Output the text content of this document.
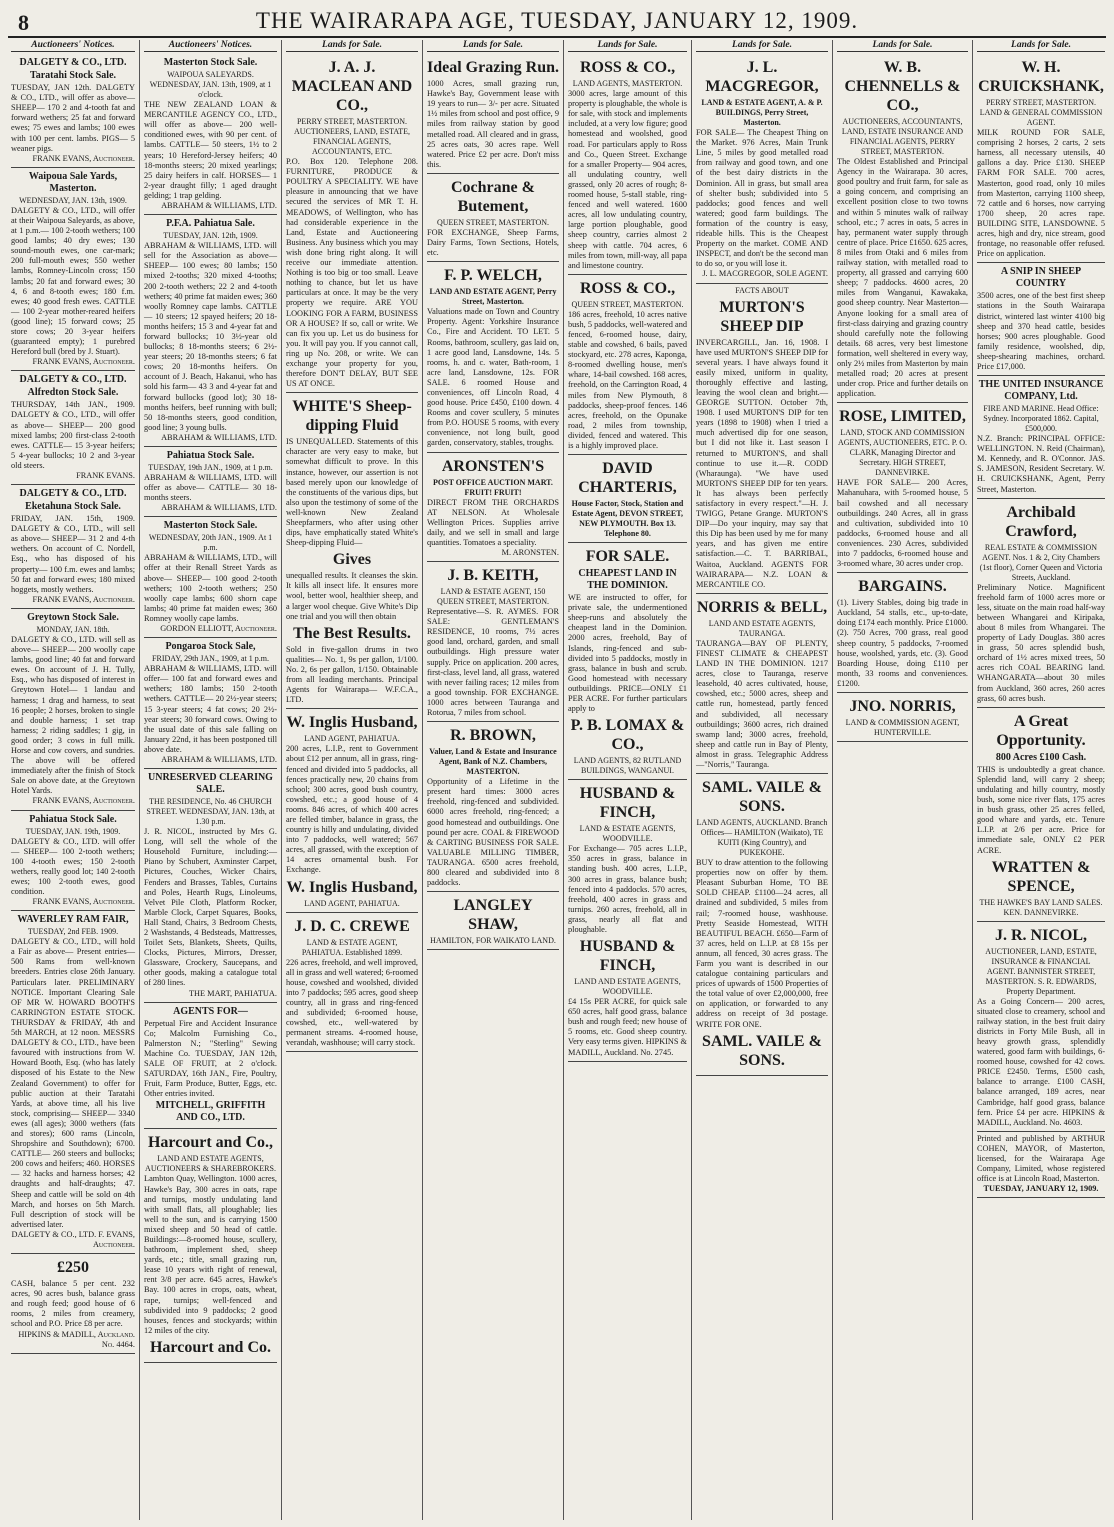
8	THE WAIRARAPA AGE, TUESDAY, JANUARY 12, 1909.
Auctioneers' Notices.
DALGETY & CO., LTD.
Taratahi Stock Sale.

TUESDAY, JAN 12th. DALGETY & CO., LTD., will offer as above— SHEEP— 170 2 and 4-tooth fat and forward wethers; 25 fat and forward ewes; 75 ewes and lambs; 100 ewes with 100 per cent. lambs. PIGS— 5 weaner pigs.

FRANK EVANS, Auctioneer.
Waipoua Sale Yards, Masterton.
WEDNESDAY, JAN. 13th, 1909.

DALGETY & CO., LTD., will offer at their Waipoua Saleyards, as above, at 1 p.m.— 100 2-tooth wethers; 100 good lambs; 40 dry ewes; 130 sound-mouth ewes, one car-mark; 200 full-mouth ewes; 550 wether lambs, Romney-Lincoln cross; 150 lambs; 20 fat and forward ewes; 30 4, 6 and 8-tooth ewes; 180 f.m. ewes; 40 good fresh ewes. CATTLE— 100 2-year mother-reared heifers (good line); 15 forward cows; 25 store cows; 20 3-year heifers (guaranteed empty); 1 purebred Hereford bull (bred by J. Stuart).

FRANK EVANS, Auctioneer.
DALGETY & CO., LTD.
Alfredton Stock Sale.

THURSDAY, 14th JAN., 1909. DALGETY & CO., LTD., will offer as above— SHEEP— 200 good mixed lambs; 200 first-class 2-tooth ewes. CATTLE— 15 3-year heifers; 5 4-year bullocks; 10 2 and 3-year old steers.

FRANK EVANS.
DALGETY & CO., LTD.
Eketahuna Stock Sale.

FRIDAY, JAN. 15th, 1909. DALGETY & CO., LTD., will sell as above— SHEEP— 31 2 and 4-th wethers. On account of C. Nordell, Esq., who has disposed of his property— 100 f.m. ewes and lambs; 50 fat and forward ewes; 180 mixed hoggets, mostly wethers.

FRANK EVANS, Auctioneer.
Greytown Stock Sale.
MONDAY, JAN. 18th.

DALGETY & CO., LTD. will sell as above— SHEEP— 200 woolly cape lambs, good line; 40 fat and forward ewes. On account of J. H. Tully, Esq., who has disposed of interest in Greytown Hotel— 1 landau and harness; 1 drag and harness, to seat 16 people; 2 horses, broken to single and double harness; 1 set trap harness; 2 riding saddles; 1 gig, in good order; 3 cows in full milk. Horse and cow covers, and sundries. The above will be offered immediately after the finish of Stock Sale on above date, at the Greytown Hotel Yards.

FRANK EVANS, Auctioneer.
Pahiatua Stock Sale.
TUESDAY, JAN. 19th, 1909.

DALGETY & CO., LTD. will offer— SHEEP— 100 2-tooth wethers; 100 4-tooth ewes; 150 2-tooth wethers, really good lot; 140 2-tooth ewes; 100 2-tooth ewes, good condition.

FRANK EVANS, Auctioneer.
WAVERLEY RAM FAIR,
TUESDAY, 2nd FEB. 1909.

DALGETY & CO., LTD., will hold a Fair as above— Present entries— 500 Rams from well-known breeders. Entries close 26th January. Particulars later. PRELIMINARY NOTICE. Important Clearing Sale OF MR W. HOWARD BOOTH'S CARRINGTON ESTATE STOCK. THURSDAY & FRIDAY, 4th and 5th MARCH, at 12 noon. MESSRS DALGETY & CO., LTD., have been favoured with instructions from W. Howard Booth, Esq. (who has lately disposed of his Estate to the New Zealand Government) to offer for public auction at their Taratahi Yards, at above time, all his live stock, comprising— SHEEP— 3340 ewes (all ages); 3000 wethers (fats and stores); 600 rams (Lincoln, Shropshire and Southdown); 6700. CATTLE— 260 steers and bullocks; 200 cows and heifers; 460. HORSES— 32 hacks and harness horses; 42 draughts and half-draughts; 47. Sheep and cattle will be sold on 4th March, and horses on 5th March. Full description of stock will be advertised later.

DALGETY & CO., LTD. F. EVANS, Auctioneer.
£250

CASH, balance 5 per cent. 232 acres, 90 acres bush, balance grass and rough feed; good house of 6 rooms, 2 miles from creamery, school and P.O. Price £8 per acre.

HIPKINS & MADILL, Auckland. No. 4464.
Auctioneers' Notices.
Masterton Stock Sale.
WAIPOUA SALEYARDS. WEDNESDAY, JAN. 13th, 1909, at 1 o'clock.

THE NEW ZEALAND LOAN & MERCANTILE AGENCY CO., LTD., will offer as above— 200 well-conditioned ewes, with 90 per cent. of lambs. CATTLE— 50 steers, 1½ to 2 years; 10 Hereford-Jersey heifers; 40 18-months steers; 20 mixed yearlings; 25 dairy heifers in calf. HORSES— 1 2-year draught filly; 1 aged draught gelding; 1 trap gelding.

ABRAHAM & WILLIAMS, LTD.
P.F.A. Pahiatua Sale.
TUESDAY, JAN. 12th, 1909.

ABRAHAM & WILLIAMS, LTD. will sell for the Association as above— SHEEP— 100 ewes; 80 lambs; 150 mixed 2-tooths; 320 mixed 4-tooths; 200 2-tooth wethers; 22 2 and 4-tooth wethers; 40 prime fat maiden ewes; 360 woolly Romney cape lambs. CATTLE— 10 steers; 12 spayed heifers; 20 18-months heifers; 15 3 and 4-year fat and forward bullocks; 10 3½-year old bullocks; 8 18-months steers; 6 2½-year steers; 20 18-months steers; 6 fat cows; 20 18-months heifers. On account of J. Beach, Hakanui, who has sold his farm— 43 3 and 4-year fat and forward bullocks (good lot); 30 18-months heifers, beef running with bull; 50 18-months steers, good condition, good line; 3 young bulls.

ABRAHAM & WILLIAMS, LTD.
Pahiatua Stock Sale.
TUESDAY, 19th JAN., 1909, at 1 p.m.

ABRAHAM & WILLIAMS, LTD. will offer as above— CATTLE— 30 18-months steers.

ABRAHAM & WILLIAMS, LTD.
Masterton Stock Sale.
WEDNESDAY, 20th JAN., 1909. At 1 p.m.

ABRAHAM & WILLIAMS, LTD., will offer at their Renall Street Yards as above— SHEEP— 100 good 2-tooth wethers; 100 2-tooth wethers; 250 woolly cape lambs; 600 shorn cape lambs; 40 prime fat maiden ewes; 360 Romney woolly cape lambs.

GORDON ELLIOTT, Auctioneer.
Pongaroa Stock Sale,
FRIDAY, 29th JAN., 1909, at 1 p.m.

ABRAHAM & WILLIAMS, LTD. will offer— 100 fat and forward ewes and wethers; 180 lambs; 150 2-tooth wethers. CATTLE— 20 2½-year steers; 15 3-year steers; 4 fat cows; 20 2½-year steers; 30 forward cows. Owing to the usual date of this sale falling on January 22nd, it has been postponed till above date.

ABRAHAM & WILLIAMS, LTD.
UNRESERVED CLEARING SALE.
THE RESIDENCE, No. 46 CHURCH STREET. WEDNESDAY, JAN. 13th, at 1.30 p.m.

J. R. NICOL, instructed by Mrs G. Long, will sell the whole of the Household Furniture, including:— Piano by Schubert, Axminster Carpet, Pictures, Couches, Wicker Chairs, Fenders and Brasses, Tables, Curtains and Poles, Hearth Rugs, Linoleums, Velvet Pile Cloth, Platform Rocker, Marble Clock, Carpet Squares, Books, Hall Stand, Chairs, 3 Bedroom Chests, 2 Washstands, 4 Bedsteads, Mattresses, Toilet Sets, Blankets, Sheets, Quilts, Clocks, Pictures, Mirrors, Dresser, Glassware, Crockery, Saucepans, and other goods, making a catalogue total of 280 lines.

THE MART, PAHIATUA.
AGENTS FOR—

Perpetual Fire and Accident Insurance Co; Malcolm Furnishing Co., Palmerston N.; "Sterling" Sewing Machine Co. TUESDAY, JAN 12th, SALE OF FRUIT, at 2 o'clock. SATURDAY, 16th JAN., Fire, Poultry, Fruit, Farm Produce, Butter, Eggs, etc. Other entries invited.

MITCHELL, GRIFFITH AND CO., LTD.
Harcourt and Co.,
LAND AND ESTATE AGENTS, AUCTIONEERS & SHAREBROKERS.

Lambton Quay, Wellington. 1000 acres, Hawke's Bay, 300 acres in oats, rape and turnips, mostly undulating land with small flats, all ploughable; lies well to the sun, and is carrying 1500 mixed sheep and 50 head of cattle. Buildings:—8-roomed house, scullery, bathroom, implement shed, sheep yards, etc.; title, small grazing run, lease 10 years with right of renewal, rent 3/8 per acre. 645 acres, Hawke's Bay. 100 acres in crops, oats, wheat, rape, turnips; well-fenced and subdivided into 9 paddocks; 2 good houses, fences and stockyards; within 12 miles of the city.

Harcourt and Co.
Lands for Sale.
J. A. J. MACLEAN AND CO.,
PERRY STREET, MASTERTON. AUCTIONEERS, LAND, ESTATE, FINANCIAL AGENTS, ACCOUNTANTS, ETC.

P.O. Box 120. Telephone 208. FURNITURE, PRODUCE & POULTRY A SPECIALITY. WE have pleasure in announcing that we have secured the services of MR T. H. MEADOWS, of Wellington, who has had considerable experience in the Land, Estate and Auctioneering Business. Any business which you may wish done bring right along. It will receive our immediate attention. Nothing is too big or too small. Leave nothing to chance, but let us have particulars at once. It may be the very property we require. ARE YOU LOOKING FOR A FARM, BUSINESS OR A HOUSE? If so, call or write. We can fix you up. Let us do business for you. It will pay you. If you cannot call, ring up No. 208, or write. We can exchange your property for you, therefore DON'T DELAY, BUT SEE US AT ONCE.

WHITE'S Sheep-dipping Fluid

IS UNEQUALLED. Statements of this character are very easy to make, but somewhat difficult to prove. In this instance, however, our assertion is not based merely upon our knowledge of the constituents of the various dips, but also upon the testimony of some of the well-known New Zealand Sheepfarmers, who after using other dips, have emphatically stated White's Sheep-dipping Fluid—

Gives

unequalled results. It cleanses the skin. It kills all insect life. It ensures more wool, better wool, healthier sheep, and a larger wool cheque. Give White's Dip one trial and you will then obtain

The Best Results.

Sold in five-gallon drums in two qualities— No. 1, 9s per gallon, 1/100. No. 2, 6s per gallon, 1/150. Obtainable from all leading merchants. Principal Agents for Wairarapa— W.F.C.A., LTD.

W. Inglis Husband,
LAND AGENT, PAHIATUA.

200 acres, L.I.P., rent to Government about £12 per annum, all in grass, ring-fenced and divided into 5 paddocks, all fences practically new, 20 chains from school; 300 acres, good bush country, cowshed, etc.; a good house of 4 rooms. 846 acres, of which 400 acres are felled timber, balance in grass, the country is hilly and undulating, divided into 7 paddocks, well watered; 567 acres, all grassed, with the exception of 14 acres ornamental bush. For Exchange.

W. Inglis Husband,
LAND AGENT, PAHIATUA.
J. D. C. CREWE
LAND & ESTATE AGENT, PAHIATUA. Established 1899.

226 acres, freehold, and well improved, all in grass and well watered; 6-roomed house, cowshed and woolshed, divided into 7 paddocks; 595 acres, good sheep country, all in grass and ring-fenced and subdivided; 6-roomed house, cowshed, etc., well-watered by permanent streams. 4-roomed house, verandah, washhouse; will carry stock.

Lands for Sale.
Ideal Grazing Run.

1000 Acres, small grazing run, Hawke's Bay, Government lease with 19 years to run— 3/- per acre. Situated 1½ miles from school and post office, 9 miles from railway station by good metalled road. All cleared and in grass, 25 acres oats, 30 acres rape. Well watered. Price £2 per acre. Don't miss this.

Cochrane & Butement,
QUEEN STREET, MASTERTON.

FOR EXCHANGE, Sheep Farms, Dairy Farms, Town Sections, Hotels, etc.

F. P. WELCH,
LAND AND ESTATE AGENT, Perry Street, Masterton.

Valuations made on Town and Country Property. Agent: Yorkshire Insurance Co., Fire and Accident. TO LET. 5 Rooms, bathroom, scullery, gas laid on, 1 acre good land, Lansdowne, 14s. 5 rooms, h. and c. water, Bath-room, 1 acre land, Lansdowne, 12s. FOR SALE. 6 roomed House and conveniences, off Lincoln Road, 4 good house. Price £450, £100 down. 4 Rooms and cover scullery, 5 minutes from P.O. HOUSE 5 rooms, with every convenience, not long built, good garden, conservatory, stables, troughs.

ARONSTEN'S
POST OFFICE AUCTION MART. FRUIT! FRUIT!

DIRECT FROM THE ORCHARDS AT NELSON. At Wholesale Wellington Prices. Supplies arrive daily, and we sell in small and large quantities. Tomatoes a speciality.

M. ARONSTEN.
J. B. KEITH,
LAND & ESTATE AGENT, 150 QUEEN STREET, MASTERTON.

Representative—S. R. AYMES. FOR SALE: GENTLEMAN'S RESIDENCE, 10 rooms, 7½ acres good land, orchard, garden, and small outbuildings. High pressure water supply. Price on application. 200 acres, first-class, level land, all grass, watered with never failing races; 12 miles from a good township. FOR EXCHANGE. 1000 acres between Tauranga and Rotorua, 7 miles from school.

R. BROWN,
Valuer, Land & Estate and Insurance Agent, Bank of N.Z. Chambers, MASTERTON.

Opportunity of a Lifetime in the present hard times: 3000 acres freehold, ring-fenced and subdivided. 6000 acres freehold, ring-fenced; a good homestead and outbuildings. One pound per acre. COAL & FIREWOOD & CARTING BUSINESS FOR SALE. VALUABLE MILLING TIMBER, TAURANGA. 6500 acres freehold, 800 cleared and subdivided into 8 paddocks.

LANGLEY SHAW,
HAMILTON, FOR WAIKATO LAND.
Lands for Sale.
ROSS & CO.,
LAND AGENTS, MASTERTON.

3000 acres, large amount of this property is ploughable, the whole is for sale, with stock and implements included, at a very low figure; good homestead and woolshed, good road. For particulars apply to Ross and Co., Queen Street. Exchange for a smaller Property— 904 acres, all undulating country, well grassed, only 20 acres of rough; 8-roomed house, 5-stall stable, ring-fenced and well watered. 1600 acres, all low undulating country, large portion ploughable, good sheep country, carries almost 2 sheep with cattle. 704 acres, 6 miles from town, mill-way, all papa and limestone country.

ROSS & CO.,
QUEEN STREET, MASTERTON.

186 acres, freehold, 10 acres native bush, 5 paddocks, well-watered and fenced, 6-roomed house, dairy, stable and cowshed, 6 bails, paved stockyard, etc. 278 acres, Kaponga, 8-roomed dwelling house, men's whare, 14-bail cowshed. 168 acres, freehold, on the Carrington Road, 4 miles from New Plymouth, 8 paddocks, sheep-proof fences. 146 acres, freehold, on the Opunake road, 2 miles from township, divided, fenced and watered. This is a highly improved place.

DAVID CHARTERIS,
House Factor, Stock, Station and Estate Agent, DEVON STREET, NEW PLYMOUTH. Box 13. Telephone 80.
FOR SALE.
CHEAPEST LAND IN THE DOMINION.

WE are instructed to offer, for private sale, the undermentioned sheep-runs and absolutely the cheapest land in the Dominion. 2000 acres, freehold, Bay of Islands, ring-fenced and sub-divided into 5 paddocks, mostly in grass, balance in bush and scrub. Good homestead with necessary outbuildings. PRICE—ONLY £1 PER ACRE. For further particulars apply to

P. B. LOMAX & CO.,
LAND AGENTS, 82 RUTLAND BUILDINGS, WANGANUI.
HUSBAND & FINCH,
LAND & ESTATE AGENTS, WOODVILLE.

For Exchange— 705 acres L.I.P., 350 acres in grass, balance in standing bush. 400 acres, L.I.P., 300 acres in grass, balance bush; fenced into 4 paddocks. 570 acres, freehold, 400 acres in grass and turnips. 260 acres, freehold, all in grass, nearly all flat and ploughable.

HUSBAND & FINCH,
LAND AND ESTATE AGENTS, WOODVILLE.

£4 15s PER ACRE, for quick sale 650 acres, half good grass, balance bush and rough feed; new house of 5 rooms, etc. Good sheep country. Very easy terms given. HIPKINS & MADILL, Auckland. No. 2745.

Lands for Sale.
J. L. MACGREGOR,
LAND & ESTATE AGENT, A. & P. BUILDINGS, Perry Street, Masterton.

FOR SALE— The Cheapest Thing on the Market. 976 Acres, Main Trunk Line, 5 miles by good metalled road from railway and good town, and one of the best dairy districts in the Dominion. All in grass, but small area of shelter bush; subdivided into 5 paddocks; good fences and well watered; good farm buildings. The formation of the country is easy, rideable hills. This is the Cheapest Property on the market. COME AND INSPECT, and don't be the second man to do so, or you will lose it.

J. L. MACGREGOR, SOLE AGENT.
FACTS ABOUT
MURTON'S SHEEP DIP

INVERCARGILL, Jan. 16, 1908. I have used MURTON'S SHEEP DIP for several years. I have always found it easily mixed, uniform in quality, thoroughly effective and lasting, leaving the wool clean and bright.—GEORGE SUTTON. October 7th, 1908. I used MURTON'S DIP for ten years (1898 to 1908) when I tried a much advertised dip for one season, but I did not like it. Last season I returned to MURTON'S, and shall continue to use it.—R. CODD (Wharaunga). "We have used MURTON'S SHEEP DIP for ten years. It has always been perfectly satisfactory in every respect."—H. J. TWIGG, Petane Grange. MURTON'S DIP—Do your inquiry, may say that this Dip has been used by me for many years, and has given me entire satisfaction.—C. T. BARRIBAL, Waitoa, Auckland. AGENTS FOR WAIRARAPA— N.Z. LOAN & MERCANTILE CO.

NORRIS & BELL,
LAND AND ESTATE AGENTS, TAURANGA.

TAURANGA—BAY OF PLENTY, FINEST CLIMATE & CHEAPEST LAND IN THE DOMINION. 1217 acres, close to Tauranga, reserve leasehold, 40 acres cultivated, house, cowshed, etc.; 5000 acres, sheep and cattle run, homestead, partly fenced and subdivided, all necessary outbuildings; 3600 acres, rich drained swamp land; 3000 acres, freehold, sheep and cattle run in Bay of Plenty, almost in grass. Telegraphic Address—"Norris," Tauranga.

SAML. VAILE & SONS.
LAND AGENTS, AUCKLAND. Branch Offices— HAMILTON (Waikato), TE KUITI (King Country), and PUKEKOHE.

BUY to draw attention to the following properties now on offer by them. Pleasant Suburban Home, TO BE SOLD CHEAP. £1100—24 acres, all drained and subdivided, 5 miles from rail; 7-roomed house, washhouse. Pretty Seaside Homestead, WITH BEAUTIFUL BEACH. £650—Farm of 37 acres, held on L.I.P. at £8 15s per annum, all fenced, 30 acres grass. The Farm you want is described in our catalogue containing particulars and prices of upwards of 1500 Properties of the total value of over £2,000,000, free on application, or forwarded to any address on receipt of 3d postage. WRITE FOR ONE.

SAML. VAILE & SONS.
Lands for Sale.
W. B. CHENNELLS & CO.,
AUCTIONEERS, ACCOUNTANTS, LAND, ESTATE INSURANCE AND FINANCIAL AGENTS, PERRY STREET, MASTERTON.

The Oldest Established and Principal Agency in the Wairarapa. 30 acres, good poultry and fruit farm, for sale as a going concern, and comprising an excellent position close to two towns and within 5 minutes walk of railway school, etc.; 7 acres in oats, 5 acres in hay, permanent water supply through centre of place. Price £1650. 625 acres, 8 miles from Otaki and 6 miles from railway station, with metalled road to property, all grassed and carrying 600 sheep; 7 paddocks. 4600 acres, 20 miles from Wanganui, Kawakaka, good sheep country. Near Masterton— Anyone looking for a small area of first-class dairying and grazing country should carefully note the following details. 68 acres, very best limestone formation, well sheltered in every way, only 2½ miles from Masterton by main metalled road; 20 acres at present under crop. Price and further details on application.

ROSE, LIMITED,
LAND, STOCK AND COMMISSION AGENTS, AUCTIONEERS, ETC. P. O. CLARK, Managing Director and Secretary. HIGH STREET, DANNEVIRKE.

HAVE FOR SALE— 200 Acres, Mahanuhara, with 5-roomed house, 5 bail cowshed and all necessary outbuildings. 240 Acres, all in grass and cultivation, subdivided into 10 paddocks, 6-roomed house and all conveniences. 230 Acres, subdivided into 7 paddocks, 6-roomed house and 3-roomed whare, 30 acres under crop.

BARGAINS.

(1). Livery Stables, doing big trade in Auckland, 54 stalls, etc., up-to-date, doing £174 each monthly. Price £1000. (2). 750 Acres, 700 grass, real good sheep country, 5 paddocks, 7-roomed house, woolshed, yards, etc. (3). Good Boarding House, doing £110 per month, 33 rooms and conveniences. £1200.

JNO. NORRIS,
LAND & COMMISSION AGENT, HUNTERVILLE.
Lands for Sale.
W. H. CRUICKSHANK,
PERRY STREET, MASTERTON. LAND & GENERAL COMMISSION AGENT.

MILK ROUND FOR SALE, comprising 2 horses, 2 carts, 2 sets harness, all necessary utensils, 40 gallons a day. Price £130. SHEEP FARM FOR SALE. 700 acres, Masterton, good road, only 10 miles from Masterton, carrying 1100 sheep, 72 cattle and 6 horses, now carrying 1700 sheep, 20 acres rape. BUILDING SITE, LANSDOWNE. 5 acres, high and dry, nice stream, good frontage, no reasonable offer refused. Price on application.

A SNIP IN SHEEP COUNTRY

3500 acres, one of the best first sheep stations in the South Wairarapa district, wintered last winter 4100 big sheep and 370 head cattle, besides horses; 900 acres ploughable. Good family residence, woolshed, dip, sheep-shearing machines, orchard. Price £17,000.

THE UNITED INSURANCE COMPANY, Ltd.
FIRE AND MARINE. Head Office: Sydney. Incorporated 1862. Capital, £500,000.

N.Z. Branch: PRINCIPAL OFFICE: WELLINGTON. N. Reid (Chairman), M. Kennedy, and R. O'Connor. JAS. S. JAMESON, Resident Secretary. W. H. CRUICKSHANK, Agent, Perry Street, Masterton.

Archibald Crawford,
REAL ESTATE & COMMISSION AGENT. Nos. 1 & 2, City Chambers (1st floor), Corner Queen and Victoria Streets, Auckland.

Preliminary Notice. Magnificent freehold farm of 1000 acres more or less, situate on the main road half-way between Whangarei and Kiripaka, about 8 miles from Whangarei. The property of Lady Douglas. 380 acres in grass, 50 acres splendid bush, orchard of 1½ acres mixed trees, 50 acres rich COAL BEARING land. WHANGARATA—about 30 miles from Auckland, 360 acres, 260 acres grass, 60 acres bush.

A Great Opportunity.
800 Acres £100 Cash.

THIS is undoubtedly a great chance. Splendid land, will carry 2 sheep; undulating and hilly country, mostly bush, some nice river flats, 175 acres in bush grass, other 25 acres felled, good whare and yards, etc. Tenure L.I.P. at 2/6 per acre. Price for immediate sale, ONLY £2 PER ACRE.

WRATTEN & SPENCE,
THE HAWKE'S BAY LAND SALES. KEN. DANNEVIRKE.
J. R. NICOL,
AUCTIONEER, LAND, ESTATE, INSURANCE & FINANCIAL AGENT. BANNISTER STREET, MASTERTON. S. R. EDWARDS, Property Department.

As a Going Concern— 200 acres, situated close to creamery, school and railway station, in the best fruit dairy districts in Forty Mile Bush, all in heavy growth grass, splendidly watered, good farm with buildings, 6-roomed house, cowshed for 42 cows. PRICE £2450. Terms, £500 cash, balance to arrange. £100 CASH, balance arranged, 189 acres, near Cambridge, half good grass, balance fern. Price £4 per acre. HIPKINS & MADILL, Auckland. No. 4603.

Printed and published by ARTHUR COHEN, MAYOR, of Masterton, licensed, for the Wairarapa Age Company, Limited, whose registered office is at Lincoln Road, Masterton.

TUESDAY, JANUARY 12, 1909.
